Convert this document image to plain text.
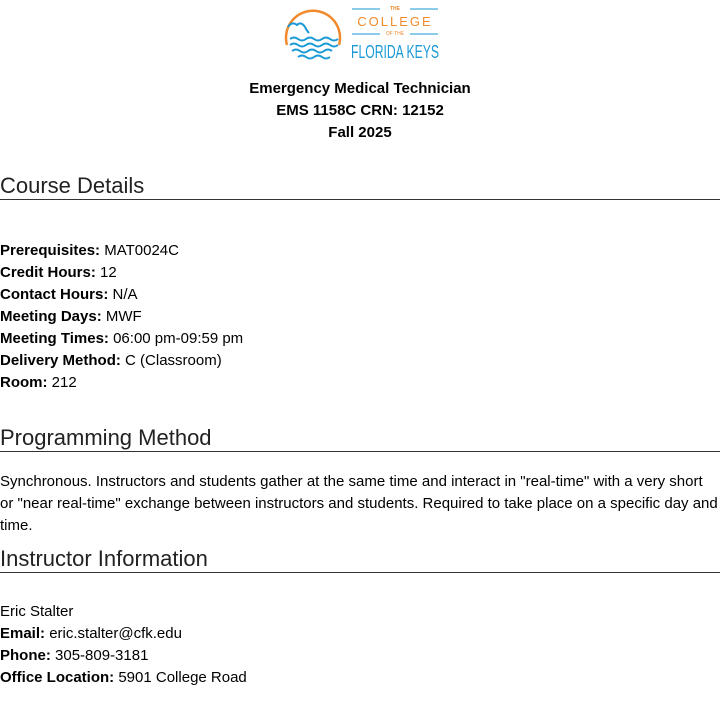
THE
COLLEGE
OF THE
FLORIDA KEYS
Emergency Medical Technician
EMS 1158C CRN: 12152
Fall 2025
Course Details
Prerequisites: MAT0024C
Credit Hours: 12
Contact Hours: N/A
Meeting Days: MWF
Meeting Times: 06:00 pm-09:59 pm
Delivery Method: C (Classroom)
Room: 212
Programming Method

Synchronous. Instructors and students gather at the same time and interact in "real-time" with a very short or "near real-time" exchange between instructors and students. Required to take place on a specific day and time.

Instructor Information
Eric Stalter
Email: eric.stalter@cfk.edu
Phone: 305-809-3181
Office Location: 5901 College Road
